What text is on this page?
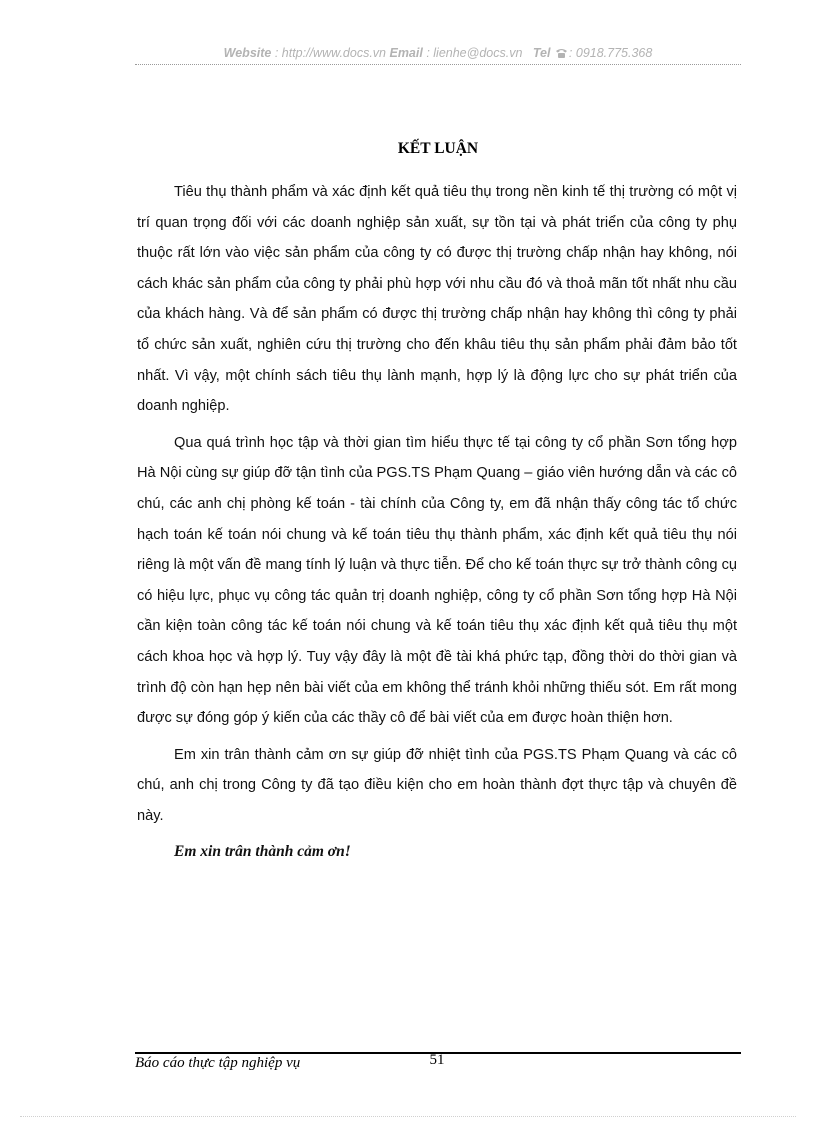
Website : http://www.docs.vn Email : lienhe@docs.vn Tel : 0918.775.368
KẾT LUẬN

Tiêu thụ thành phẩm và xác định kết quả tiêu thụ trong nền kinh tế thị trường có một vị trí quan trọng đối với các doanh nghiệp sản xuất, sự tồn tại và phát triển của công ty phụ thuộc rất lớn vào việc sản phẩm của công ty có được thị trường chấp nhận hay không, nói cách khác sản phẩm của công ty phải phù hợp với nhu cầu đó và thoả mãn tốt nhất nhu cầu của khách hàng. Và để sản phẩm có được thị trường chấp nhận hay không thì công ty phải tổ chức sản xuất, nghiên cứu thị trường cho đến khâu tiêu thụ sản phẩm phải đảm bảo tốt nhất. Vì vậy, một chính sách tiêu thụ lành mạnh, hợp lý là động lực cho sự phát triển của doanh nghiệp.

Qua quá trình học tập và thời gian tìm hiểu thực tế tại công ty cổ phần Sơn tổng hợp Hà Nội cùng sự giúp đỡ tận tình của PGS.TS Phạm Quang – giáo viên hướng dẫn và các cô chú, các anh chị phòng kế toán - tài chính của Công ty, em đã nhận thấy công tác tổ chức hạch toán kế toán nói chung và kế toán tiêu thụ thành phẩm, xác định kết quả tiêu thụ nói riêng là một vấn đề mang tính lý luận và thực tiễn. Để cho kế toán thực sự trở thành công cụ có hiệu lực, phục vụ công tác quản trị doanh nghiệp, công ty cổ phần Sơn tổng hợp Hà Nội cần kiện toàn công tác kế toán nói chung và kế toán tiêu thụ xác định kết quả tiêu thụ một cách khoa học và hợp lý. Tuy vậy đây là một đề tài khá phức tạp, đồng thời do thời gian và trình độ còn hạn hẹp nên bài viết của em không thể tránh khỏi những thiếu sót. Em rất mong được sự đóng góp ý kiến của các thầy cô để bài viết của em được hoàn thiện hơn.

Em xin trân thành cảm ơn sự giúp đỡ nhiệt tình của PGS.TS Phạm Quang và các cô chú, anh chị trong Công ty đã tạo điều kiện cho em hoàn thành đợt thực tập và chuyên đề này.

Em xin trân thành cảm ơn!

Báo cáo thực tập nghiệp vụ	51
